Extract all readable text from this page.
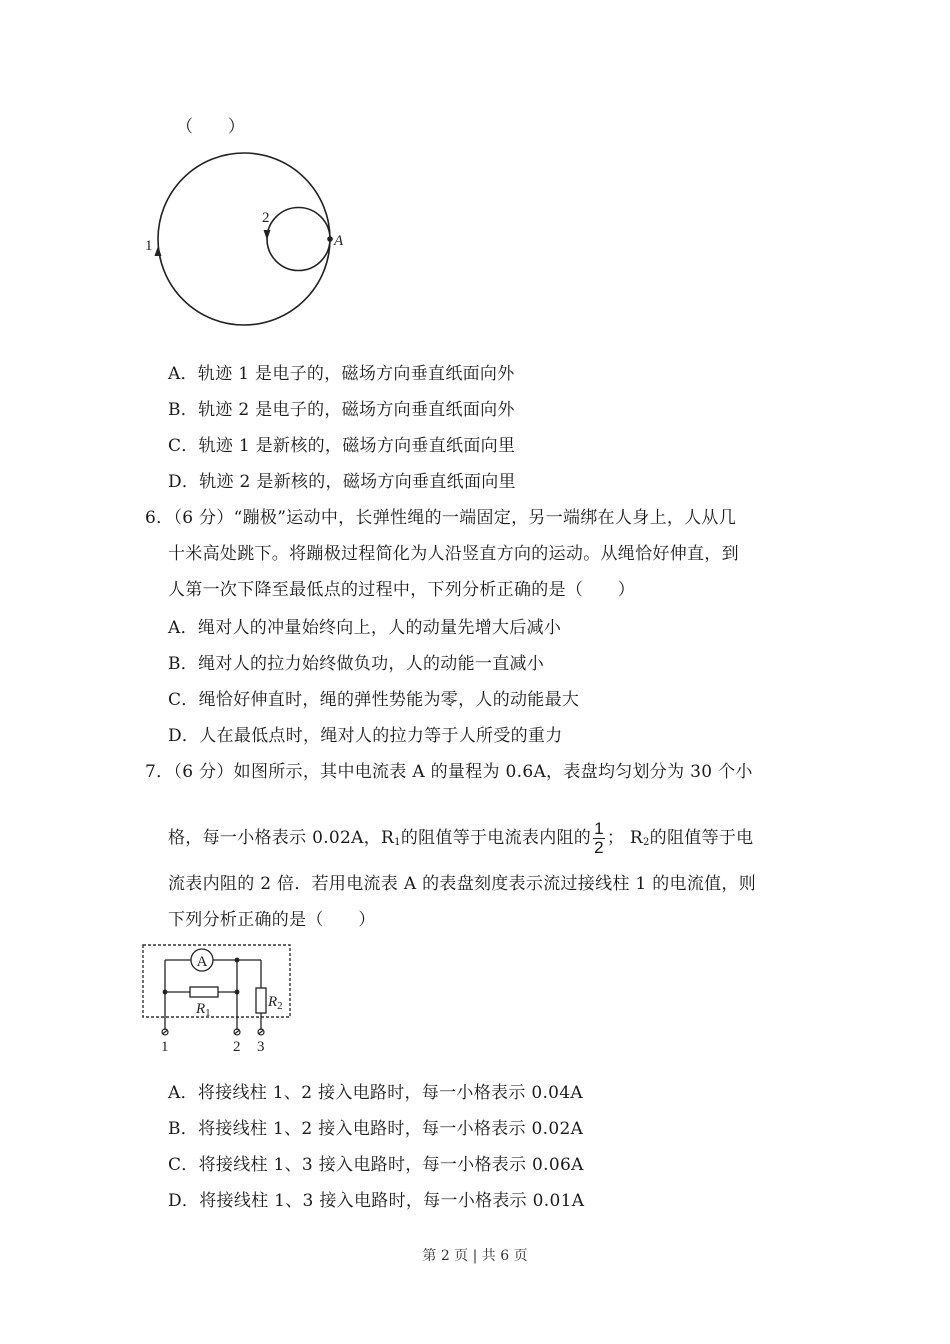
（　　）
1
2
A
A．轨迹 1 是电子的，磁场方向垂直纸面向外
B．轨迹 2 是电子的，磁场方向垂直纸面向外
C．轨迹 1 是新核的，磁场方向垂直纸面向里
D．轨迹 2 是新核的，磁场方向垂直纸面向里
6．（6 分）“蹦极”运动中，长弹性绳的一端固定，另一端绑在人身上，人从几
十米高处跳下。将蹦极过程简化为人沿竖直方向的运动。从绳恰好伸直，到
人第一次下降至最低点的过程中，下列分析正确的是（　　）
A．绳对人的冲量始终向上，人的动量先增大后减小
B．绳对人的拉力始终做负功，人的动能一直减小
C．绳恰好伸直时，绳的弹性势能为零，人的动能最大
D．人在最低点时，绳对人的拉力等于人所受的重力
7．（6 分）如图所示，其中电流表 A 的量程为 0.6A，表盘均匀划分为 30 个小
格，每一小格表示 0.02A，$R_1$的阻值等于电流表内阻的 $\frac{1}{2}$ ； $R_2$的阻值等于电
流表内阻的 2 倍．若用电流表 A 的表盘刻度表示流过接线柱 1 的电流值，则
下列分析正确的是（　　）
A
$R_1$
$R_2$
1	2 3
A．将接线柱 1、2 接入电路时，每一小格表示 0.04A
B．将接线柱 1、2 接入电路时，每一小格表示 0.02A
C．将接线柱 1、3 接入电路时，每一小格表示 0.06A
D．将接线柱 1、3 接入电路时，每一小格表示 0.01A
第 2 页 | 共 6 页
